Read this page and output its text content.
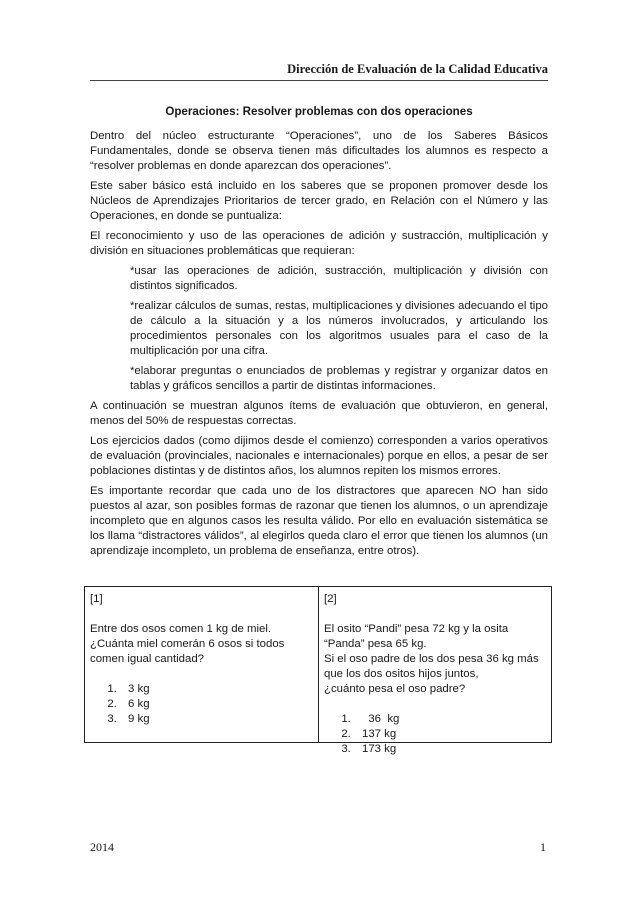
Dirección de Evaluación de la Calidad Educativa

Operaciones: Resolver problemas con dos operaciones

Dentro del núcleo estructurante “Operaciones”, uno de los Saberes Básicos Fundamentales, donde se observa tienen más dificultades los alumnos es respecto a “resolver problemas en donde aparezcan dos operaciones”.

Este saber básico está incluido en los saberes que se proponen promover desde los Núcleos de Aprendizajes Prioritarios de tercer grado, en Relación con el Número y las Operaciones, en donde se puntualiza:

El reconocimiento y uso de las operaciones de adición y sustracción, multiplicación y división en situaciones problemáticas que requieran:

*usar las operaciones de adición, sustracción, multiplicación y división con distintos significados.

*realizar cálculos de sumas, restas, multiplicaciones y divisiones adecuando el tipo de cálculo a la situación y a los números involucrados, y articulando los procedimientos personales con los algoritmos usuales para el caso de la multiplicación por una cifra.

*elaborar preguntas o enunciados de problemas y registrar y organizar datos en tablas y gráficos sencillos a partir de distintas informaciones.

A continuación se muestran algunos ítems de evaluación que obtuvieron, en general, menos del 50% de respuestas correctas.

Los ejercicios dados (como dijimos desde el comienzo) corresponden a varios operativos de evaluación (provinciales, nacionales e internacionales) porque en ellos, a pesar de ser poblaciones distintas y de distintos años, los alumnos repiten los mismos errores.

Es importante recordar que cada uno de los distractores que aparecen NO han sido puestos al azar, son posibles formas de razonar que tienen los alumnos, o un aprendizaje incompleto que en algunos casos les resulta válido. Por ello en evaluación sistemática se los llama “distractores válidos”, al elegirlos queda claro el error que tienen los alumnos (un aprendizaje incompleto, un problema de enseñanza, entre otros).

[1]

Entre dos osos comen 1 kg de miel.

¿Cuánta miel comerán 6 osos si todos comen igual cantidad?

1. 3 kg
2. 6 kg
3. 9 kg

[2]

El osito “Pandi” pesa 72 kg y la osita “Panda” pesa 65 kg.

Si el oso padre de los dos pesa 36 kg más que los dos ositos hijos juntos,

¿cuánto pesa el oso padre?

1.   36  kg
2. 137 kg
3. 173 kg
2014	1
